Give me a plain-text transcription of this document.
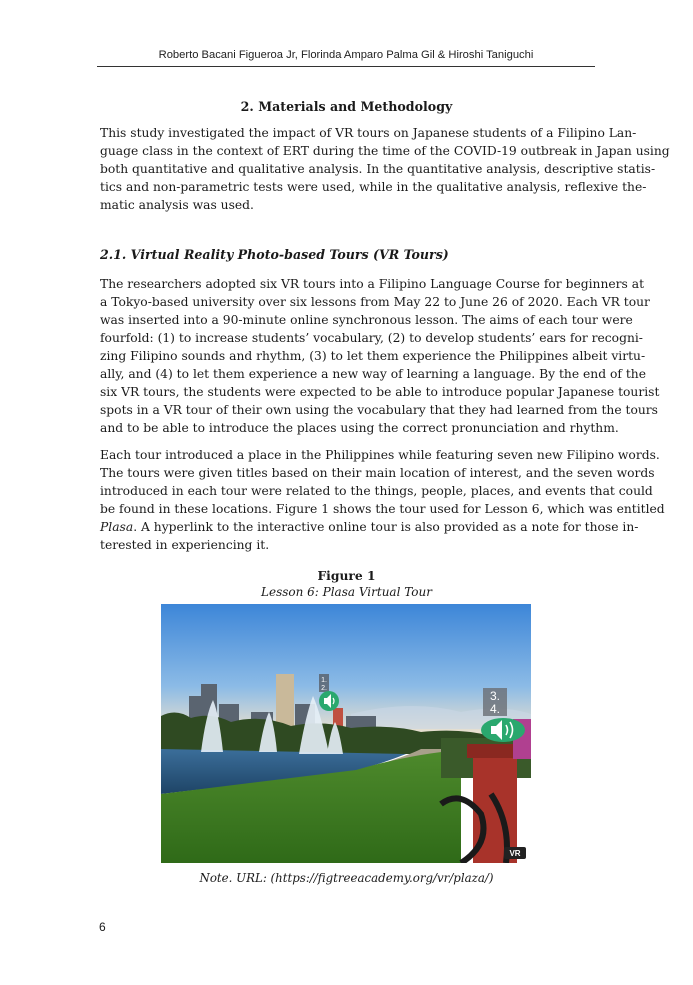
Roberto Bacani Figueroa Jr, Florinda Amparo Palma Gil & Hiroshi Taniguchi
2. Materials and Methodology
This study investigated the impact of VR tours on Japanese students of a Filipino Lan-
guage class in the context of ERT during the time of the COVID-19 outbreak in Japan using
both quantitative and qualitative analysis. In the quantitative analysis, descriptive statis-
tics and non-parametric tests were used, while in the qualitative analysis, reflexive the-
matic analysis was used.
2.1. Virtual Reality Photo-based Tours (VR Tours)
The researchers adopted six VR tours into a Filipino Language Course for beginners at
a Tokyo-based university over six lessons from May 22 to June 26 of 2020. Each VR tour
was inserted into a 90-minute online synchronous lesson. The aims of each tour were
fourfold: (1) to increase students’ vocabulary, (2) to develop students’ ears for recogni-
zing Filipino sounds and rhythm, (3) to let them experience the Philippines albeit virtu-
ally, and (4) to let them experience a new way of learning a language. By the end of the
six VR tours, the students were expected to be able to introduce popular Japanese tourist
spots in a VR tour of their own using the vocabulary that they had learned from the tours
and to be able to introduce the places using the correct pronunciation and rhythm.
Each tour introduced a place in the Philippines while featuring seven new Filipino words.
The tours were given titles based on their main location of interest, and the seven words
introduced in each tour were related to the things, people, places, and events that could
be found in these locations. Figure 1 shows the tour used for Lesson 6, which was entitled
Plasa. A hyperlink to the interactive online tour is also provided as a note for those in-
terested in experiencing it.
Figure 1
Lesson 6: Plasa Virtual Tour
1.
2.
3.
4.
VR
Note. URL: (https://figtreeacademy.org/vr/plaza/)
6
